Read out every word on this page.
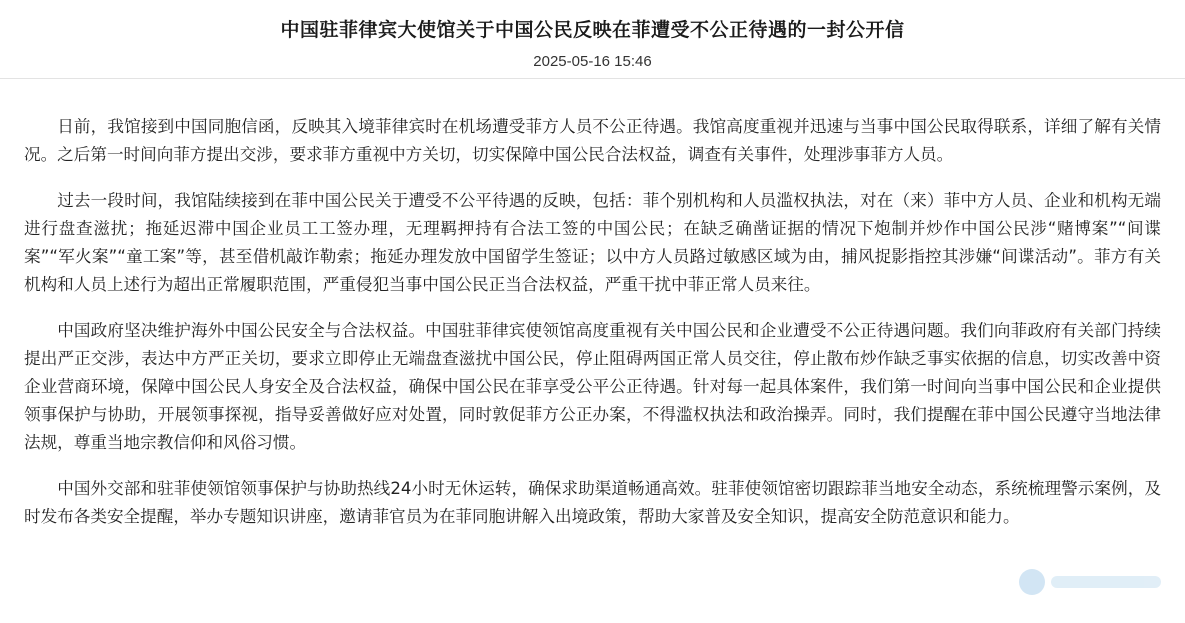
中国驻菲律宾大使馆关于中国公民反映在菲遭受不公正待遇的一封公开信
2025-05-16 15:46

日前，我馆接到中国同胞信函，反映其入境菲律宾时在机场遭受菲方人员不公正待遇。我馆高度重视并迅速与当事中国公民取得联系，详细了解有关情况。之后第一时间向菲方提出交涉，要求菲方重视中方关切，切实保障中国公民合法权益，调查有关事件，处理涉事菲方人员。

过去一段时间，我馆陆续接到在菲中国公民关于遭受不公平待遇的反映，包括：菲个别机构和人员滥权执法，对在（来）菲中方人员、企业和机构无端进行盘查滋扰；拖延迟滞中国企业员工工签办理，无理羁押持有合法工签的中国公民；在缺乏确凿证据的情况下炮制并炒作中国公民涉“赌博案”“间谍案”“军火案”“童工案”等，甚至借机敲诈勒索；拖延办理发放中国留学生签证；以中方人员路过敏感区域为由，捕风捉影指控其涉嫌“间谍活动”。菲方有关机构和人员上述行为超出正常履职范围，严重侵犯当事中国公民正当合法权益，严重干扰中菲正常人员来往。

中国政府坚决维护海外中国公民安全与合法权益。中国驻菲律宾使领馆高度重视有关中国公民和企业遭受不公正待遇问题。我们向菲政府有关部门持续提出严正交涉，表达中方严正关切，要求立即停止无端盘查滋扰中国公民，停止阻碍两国正常人员交往，停止散布炒作缺乏事实依据的信息，切实改善中资企业营商环境，保障中国公民人身安全及合法权益，确保中国公民在菲享受公平公正待遇。针对每一起具体案件，我们第一时间向当事中国公民和企业提供领事保护与协助，开展领事探视，指导妥善做好应对处置，同时敦促菲方公正办案，不得滥权执法和政治操弄。同时，我们提醒在菲中国公民遵守当地法律法规，尊重当地宗教信仰和风俗习惯。

中国外交部和驻菲使领馆领事保护与协助热线24小时无休运转，确保求助渠道畅通高效。驻菲使领馆密切跟踪菲当地安全动态，系统梳理警示案例，及时发布各类安全提醒，举办专题知识讲座，邀请菲官员为在菲同胞讲解入出境政策，帮助大家普及安全知识，提高安全防范意识和能力。
